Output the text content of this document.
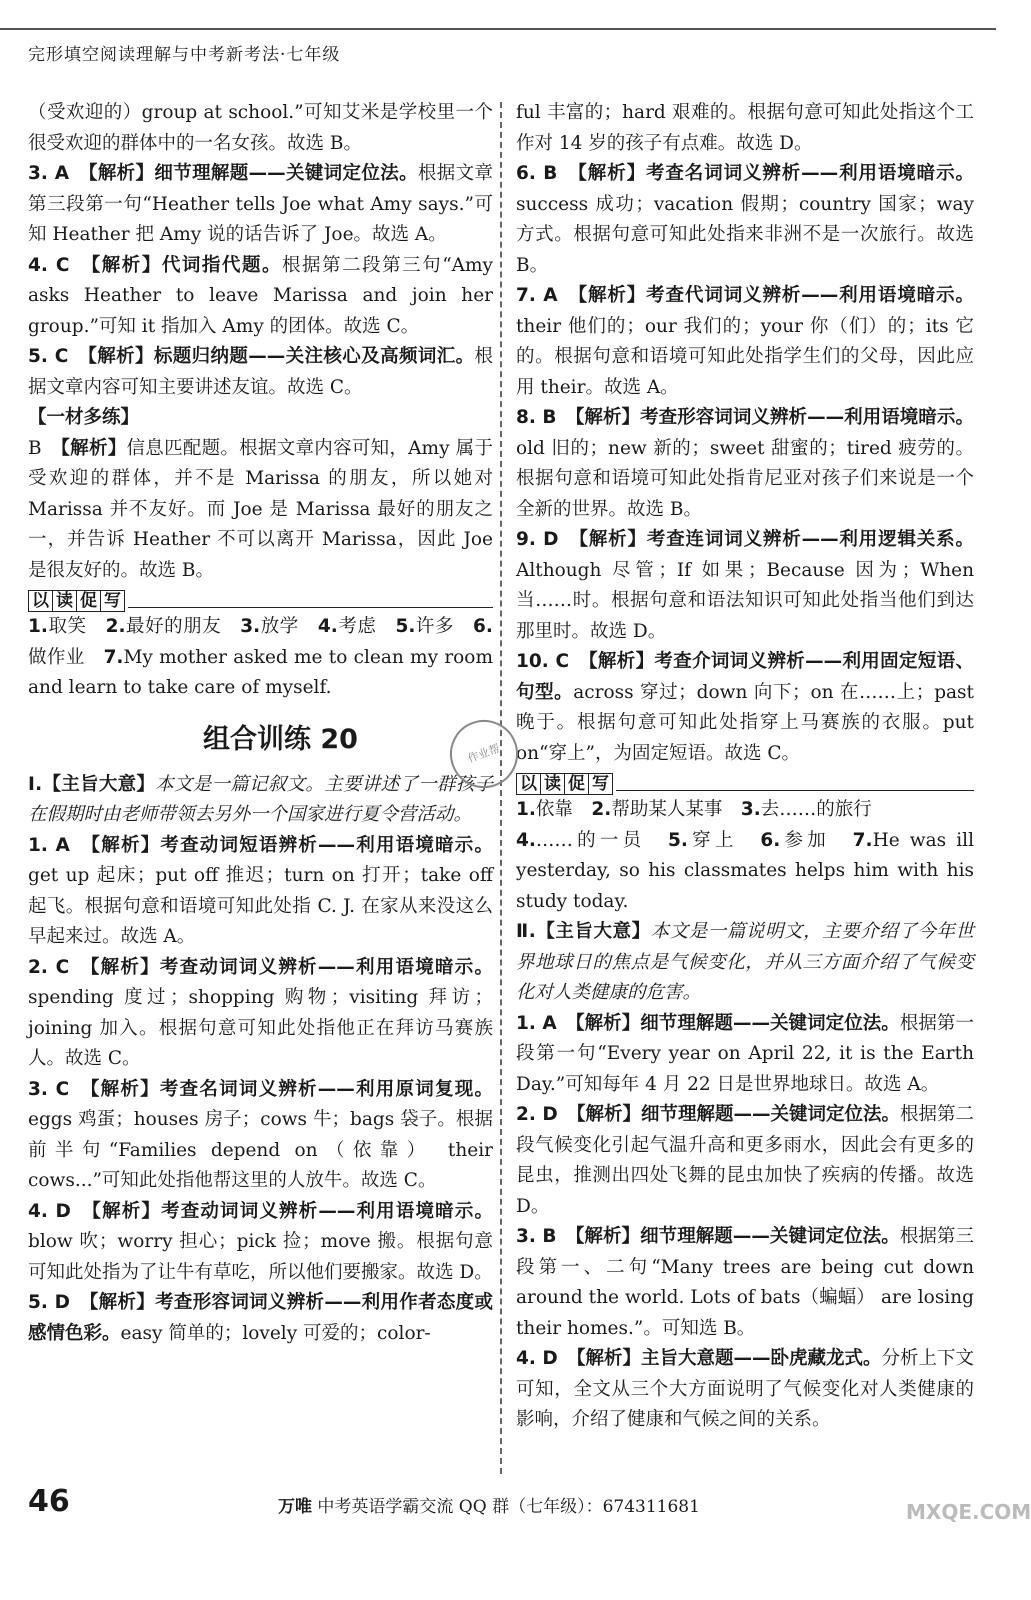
完形填空阅读理解与中考新考法·七年级

（受欢迎的）group at school.”可知艾米是学校里一个很受欢迎的群体中的一名女孩。故选 B。

3. A　【解析】细节理解题——关键词定位法。根据文章第三段第一句“Heather tells Joe what Amy says.”可知 Heather 把 Amy 说的话告诉了 Joe。故选 A。

4. C　【解析】代词指代题。根据第二段第三句“Amy asks Heather to leave Marissa and join her group.”可知 it 指加入 Amy 的团体。故选 C。

5. C　【解析】标题归纳题——关注核心及高频词汇。根据文章内容可知主要讲述友谊。故选 C。

【一材多练】

B　【解析】信息匹配题。根据文章内容可知，Amy 属于受欢迎的群体，并不是 Marissa 的朋友，所以她对 Marissa 并不友好。而 Joe 是 Marissa 最好的朋友之一，并告诉 Heather 不可以离开 Marissa，因此 Joe 是很友好的。故选 B。

以 读 促 写

1.取笑　2.最好的朋友　3.放学　4.考虑　5.许多　6.做作业　7.My mother asked me to clean my room and learn to take care of myself.

组合训练 20

Ⅰ.【主旨大意】本文是一篇记叙文。主要讲述了一群孩子在假期时由老师带领去另外一个国家进行夏令营活动。

1. A　【解析】考查动词短语辨析——利用语境暗示。get up 起床；put off 推迟；turn on 打开；take off 起飞。根据句意和语境可知此处指 C. J. 在家从来没这么早起来过。故选 A。

2. C　【解析】考查动词词义辨析——利用语境暗示。spending 度过；shopping 购物；visiting 拜访；joining 加入。根据句意可知此处指他正在拜访马赛族人。故选 C。

3. C　【解析】考查名词词义辨析——利用原词复现。eggs 鸡蛋；houses 房子；cows 牛；bags 袋子。根据前半句“Families depend on（依靠） their cows...”可知此处指他帮这里的人放牛。故选 C。

4. D　【解析】考查动词词义辨析——利用语境暗示。blow 吹；worry 担心；pick 捡；move 搬。根据句意可知此处指为了让牛有草吃，所以他们要搬家。故选 D。

5. D　【解析】考查形容词词义辨析——利用作者态度或感情色彩。easy 简单的；lovely 可爱的；color-

ful 丰富的；hard 艰难的。根据句意可知此处指这个工作对 14 岁的孩子有点难。故选 D。

6. B　【解析】考查名词词义辨析——利用语境暗示。success 成功；vacation 假期；country 国家；way 方式。根据句意可知此处指来非洲不是一次旅行。故选 B。

7. A　【解析】考查代词词义辨析——利用语境暗示。their 他们的；our 我们的；your 你（们）的；its 它的。根据句意和语境可知此处指学生们的父母，因此应用 their。故选 A。

8. B　【解析】考查形容词词义辨析——利用语境暗示。old 旧的；new 新的；sweet 甜蜜的；tired 疲劳的。根据句意和语境可知此处指肯尼亚对孩子们来说是一个全新的世界。故选 B。

9. D　【解析】考查连词词义辨析——利用逻辑关系。Although 尽管；If 如果；Because 因为；When 当……时。根据句意和语法知识可知此处指当他们到达那里时。故选 D。

10. C　【解析】考查介词词义辨析——利用固定短语、句型。across 穿过；down 向下；on 在……上；past 晚于。根据句意可知此处指穿上马赛族的衣服。put on“穿上”，为固定短语。故选 C。

以 读 促 写

1.依靠　2.帮助某人某事　3.去……的旅行

4.……的一员　5.穿上　6.参加　7.He was ill yesterday, so his classmates helps him with his study today.

Ⅱ.【主旨大意】本文是一篇说明文，主要介绍了今年世界地球日的焦点是气候变化，并从三方面介绍了气候变化对人类健康的危害。

1. A　【解析】细节理解题——关键词定位法。根据第一段第一句“Every year on April 22, it is the Earth Day.”可知每年 4 月 22 日是世界地球日。故选 A。

2. D　【解析】细节理解题——关键词定位法。根据第二段气候变化引起气温升高和更多雨水，因此会有更多的昆虫，推测出四处飞舞的昆虫加快了疾病的传播。故选 D。

3. B　【解析】细节理解题——关键词定位法。根据第三段第一、二句“Many trees are being cut down around the world. Lots of bats（蝙蝠） are losing their homes.”。可知选 B。

4. D　【解析】主旨大意题——卧虎藏龙式。分析上下文可知，全文从三个大方面说明了气候变化对人类健康的影响，介绍了健康和气候之间的关系。

作业帮
46	万唯 中考英语学霸交流 QQ 群（七年级）：674311681	MXQE.COM
